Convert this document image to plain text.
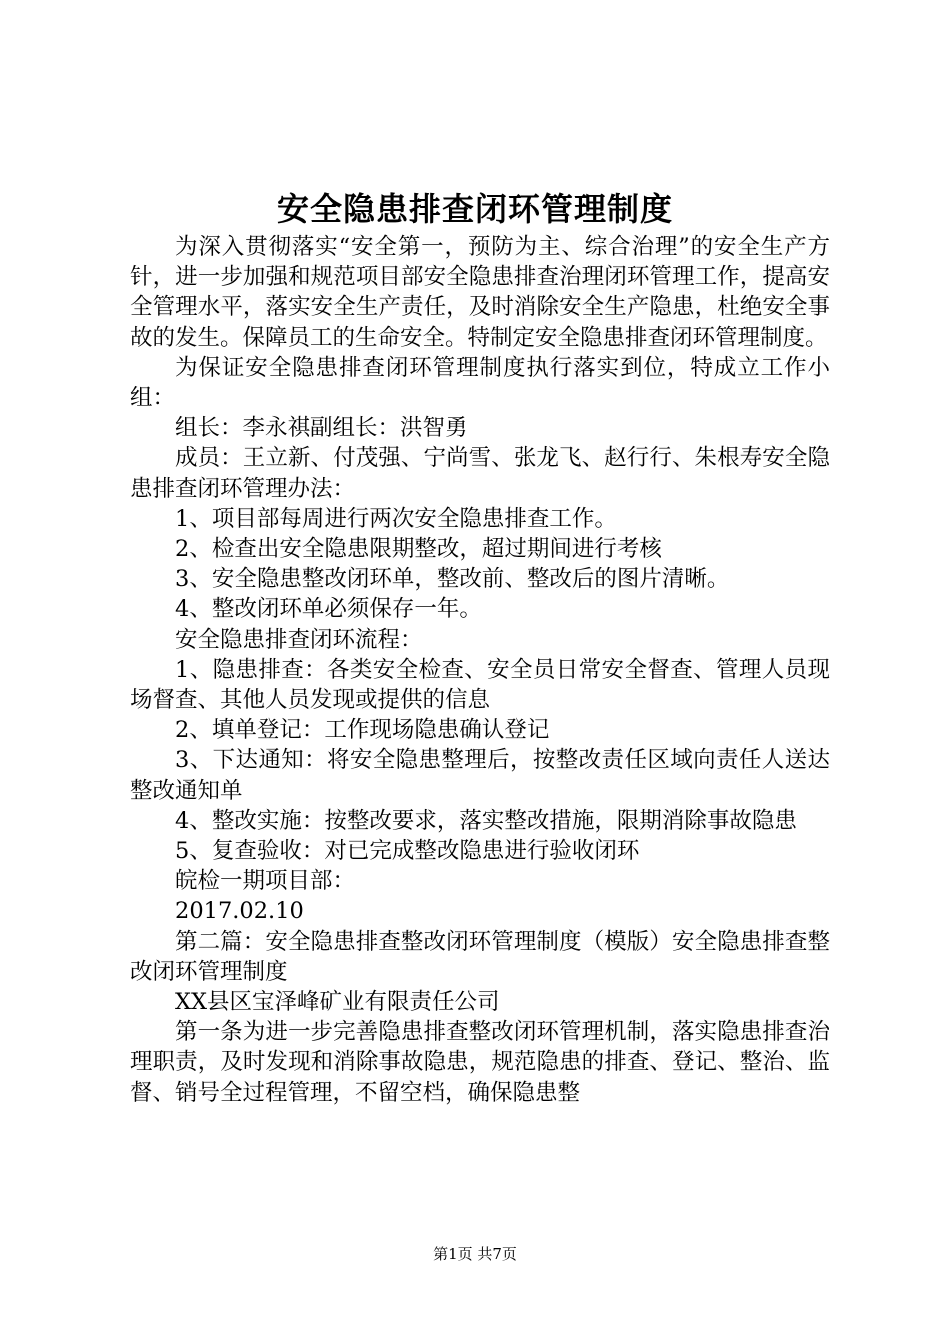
安全隐患排查闭环管理制度

为深入贯彻落实“安全第一，预防为主、综合治理”的安全生产方针，进一步加强和规范项目部安全隐患排查治理闭环管理工作，提高安全管理水平，落实安全生产责任，及时消除安全生产隐患，杜绝安全事故的发生。保障员工的生命安全。特制定安全隐患排查闭环管理制度。

为保证安全隐患排查闭环管理制度执行落实到位，特成立工作小组：

组长：李永祺副组长：洪智勇

成员：王立新、付茂强、宁尚雪、张龙飞、赵行行、朱根寿安全隐患排查闭环管理办法：

1、项目部每周进行两次安全隐患排查工作。

2、检查出安全隐患限期整改，超过期间进行考核

3、安全隐患整改闭环单，整改前、整改后的图片清晰。

4、整改闭环单必须保存一年。

安全隐患排查闭环流程：

1、隐患排查：各类安全检查、安全员日常安全督查、管理人员现场督查、其他人员发现或提供的信息

2、填单登记：工作现场隐患确认登记

3、下达通知：将安全隐患整理后，按整改责任区域向责任人送达整改通知单

4、整改实施：按整改要求，落实整改措施，限期消除事故隐患

5、复查验收：对已完成整改隐患进行验收闭环

皖检一期项目部：

2017.02.10

第二篇：安全隐患排查整改闭环管理制度（模版）安全隐患排查整改闭环管理制度

XX县区宝泽峰矿业有限责任公司

第一条为进一步完善隐患排查整改闭环管理机制，落实隐患排查治理职责，及时发现和消除事故隐患，规范隐患的排查、登记、整治、监督、销号全过程管理，不留空档，确保隐患整

第1页 共7页
